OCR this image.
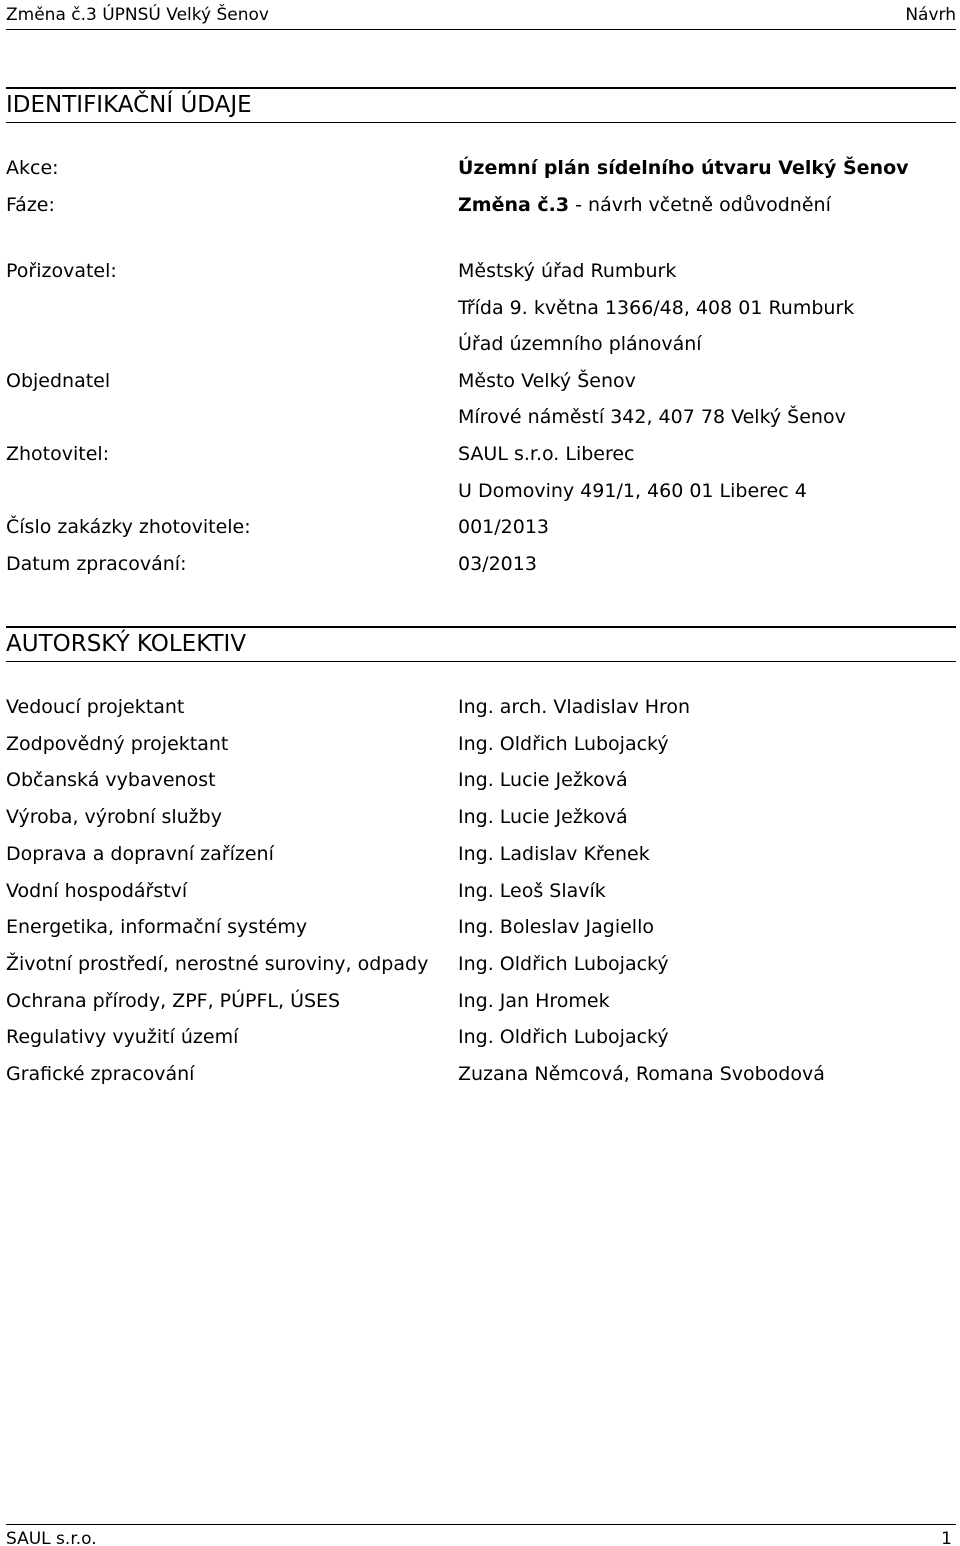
Změna č.3 ÚPNSÚ Velký Šenov	Návrh
IDENTIFIKAČNÍ ÚDAJE
Akce:	Územní plán sídelního útvaru Velký Šenov
Fáze:	Změna č.3 - návrh včetně odůvodnění
Pořizovatel:	Městský úřad Rumburk
Třída 9. května 1366/48, 408 01 Rumburk
Úřad územního plánování
Objednatel	Město Velký Šenov
Mírové náměstí 342, 407 78 Velký Šenov
Zhotovitel:	SAUL s.r.o. Liberec
U Domoviny 491/1, 460 01 Liberec 4
Číslo zakázky zhotovitele:	001/2013
Datum zpracování:	03/2013
AUTORSKÝ KOLEKTIV
Vedoucí projektant	Ing. arch. Vladislav Hron
Zodpovědný projektant	Ing. Oldřich Lubojacký
Občanská vybavenost	Ing. Lucie Ježková
Výroba, výrobní služby	Ing. Lucie Ježková
Doprava a dopravní zařízení	Ing. Ladislav Křenek
Vodní hospodářství	Ing. Leoš Slavík
Energetika, informační systémy	Ing. Boleslav Jagiello
Životní prostředí, nerostné suroviny, odpady Ing. Oldřich Lubojacký
Ochrana přírody, ZPF, PÚPFL, ÚSES	Ing. Jan Hromek
Regulativy využití území	Ing. Oldřich Lubojacký
Grafické zpracování	Zuzana Němcová, Romana Svobodová
SAUL s.r.o.	1
